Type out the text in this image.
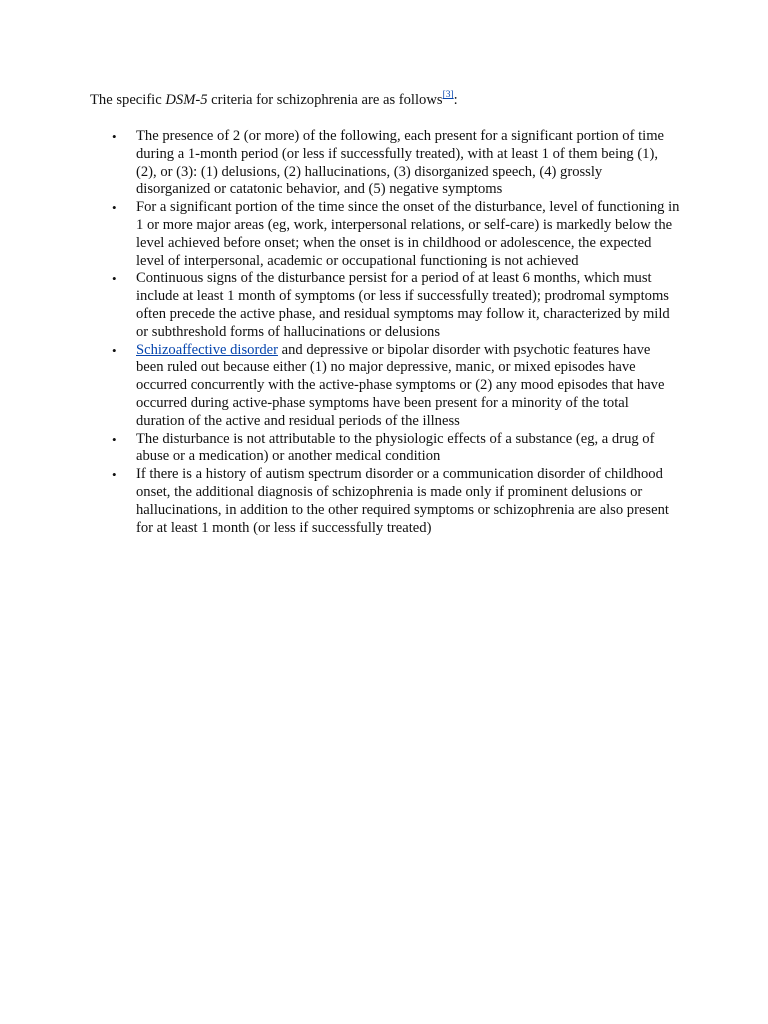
The specific DSM-5 criteria for schizophrenia are as follows[3]:

•	The presence of 2 (or more) of the following, each present for a significant portion of time during a 1-month period (or less if successfully treated), with at least 1 of them being (1), (2), or (3): (1) delusions, (2) hallucinations, (3) disorganized speech, (4) grossly disorganized or catatonic behavior, and (5) negative symptoms
•	For a significant portion of the time since the onset of the disturbance, level of functioning in 1 or more major areas (eg, work, interpersonal relations, or self-care) is markedly below the level achieved before onset; when the onset is in childhood or adolescence, the expected level of interpersonal, academic or occupational functioning is not achieved
•	Continuous signs of the disturbance persist for a period of at least 6 months, which must include at least 1 month of symptoms (or less if successfully treated); prodromal symptoms often precede the active phase, and residual symptoms may follow it, characterized by mild or subthreshold forms of hallucinations or delusions
•	Schizoaffective disorder and depressive or bipolar disorder with psychotic features have been ruled out because either (1) no major depressive, manic, or mixed episodes have occurred concurrently with the active-phase symptoms or (2) any mood episodes that have occurred during active-phase symptoms have been present for a minority of the total duration of the active and residual periods of the illness
•	The disturbance is not attributable to the physiologic effects of a substance (eg, a drug of abuse or a medication) or another medical condition
•	If there is a history of autism spectrum disorder or a communication disorder of childhood onset, the additional diagnosis of schizophrenia is made only if prominent delusions or hallucinations, in addition to the other required symptoms or schizophrenia are also present for at least 1 month (or less if successfully treated)
